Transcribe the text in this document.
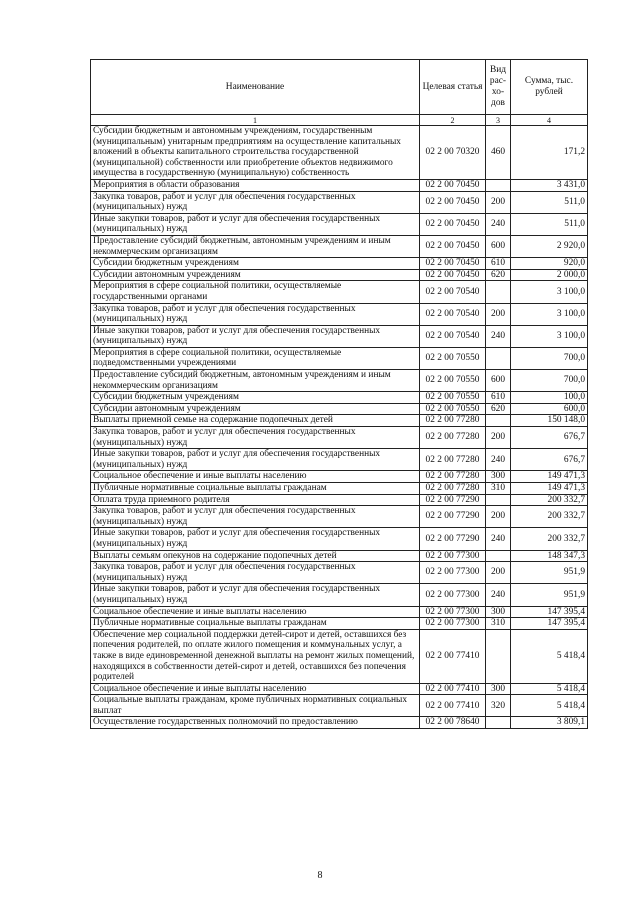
Наименование	Целевая статья	Вид рас- хо- дов	Сумма, тыс. рублей
1	2	3	4
Субсидии бюджетным и автономным учреждениям, государственным (муниципальным) унитарным предприятиям на осуществление капитальных вложений в объекты капитального строительства государственной (муниципальной) собственности или приобретение объектов недвижимого имущества в государственную (муниципальную) собственность	02 2 00 70320	460	171,2
Мероприятия в области образования	02 2 00 70450		3 431,0
Закупка товаров, работ и услуг для обеспечения государственных (муниципальных) нужд	02 2 00 70450	200	511,0
Иные закупки товаров, работ и услуг для обеспечения государственных (муниципальных) нужд	02 2 00 70450	240	511,0
Предоставление субсидий бюджетным, автономным учреждениям и иным некоммерческим организациям	02 2 00 70450	600	2 920,0
Субсидии бюджетным учреждениям	02 2 00 70450	610	920,0
Субсидии автономным учреждениям	02 2 00 70450	620	2 000,0
Мероприятия в сфере социальной политики, осуществляемые государственными органами	02 2 00 70540		3 100,0
Закупка товаров, работ и услуг для обеспечения государственных (муниципальных) нужд	02 2 00 70540	200	3 100,0
Иные закупки товаров, работ и услуг для обеспечения государственных (муниципальных) нужд	02 2 00 70540	240	3 100,0
Мероприятия в сфере социальной политики, осуществляемые подведомственными учреждениями	02 2 00 70550		700,0
Предоставление субсидий бюджетным, автономным учреждениям и иным некоммерческим организациям	02 2 00 70550	600	700,0
Субсидии бюджетным учреждениям	02 2 00 70550	610	100,0
Субсидии автономным учреждениям	02 2 00 70550	620	600,0
Выплаты приемной семье на содержание подопечных детей	02 2 00 77280		150 148,0
Закупка товаров, работ и услуг для обеспечения государственных (муниципальных) нужд	02 2 00 77280	200	676,7
Иные закупки товаров, работ и услуг для обеспечения государственных (муниципальных) нужд	02 2 00 77280	240	676,7
Социальное обеспечение и иные выплаты населению	02 2 00 77280	300	149 471,3
Публичные нормативные социальные выплаты гражданам	02 2 00 77280	310	149 471,3
Оплата труда приемного родителя	02 2 00 77290		200 332,7
Закупка товаров, работ и услуг для обеспечения государственных (муниципальных) нужд	02 2 00 77290	200	200 332,7
Иные закупки товаров, работ и услуг для обеспечения государственных (муниципальных) нужд	02 2 00 77290	240	200 332,7
Выплаты семьям опекунов на содержание подопечных детей	02 2 00 77300		148 347,3
Закупка товаров, работ и услуг для обеспечения государственных (муниципальных) нужд	02 2 00 77300	200	951,9
Иные закупки товаров, работ и услуг для обеспечения государственных (муниципальных) нужд	02 2 00 77300	240	951,9
Социальное обеспечение и иные выплаты населению	02 2 00 77300	300	147 395,4
Публичные нормативные социальные выплаты гражданам	02 2 00 77300	310	147 395,4
Обеспечение мер социальной поддержки детей-сирот и детей, оставшихся без попечения родителей, по оплате жилого помещения и коммунальных услуг, а также в виде единовременной денежной выплаты на ремонт жилых помещений, находящихся в собственности детей-сирот и детей, оставшихся без попечения родителей	02 2 00 77410		5 418,4
Социальное обеспечение и иные выплаты населению	02 2 00 77410	300	5 418,4
Социальные выплаты гражданам, кроме публичных нормативных социальных выплат	02 2 00 77410	320	5 418,4
Осуществление государственных полномочий по предоставлению	02 2 00 78640		3 809,1
8
